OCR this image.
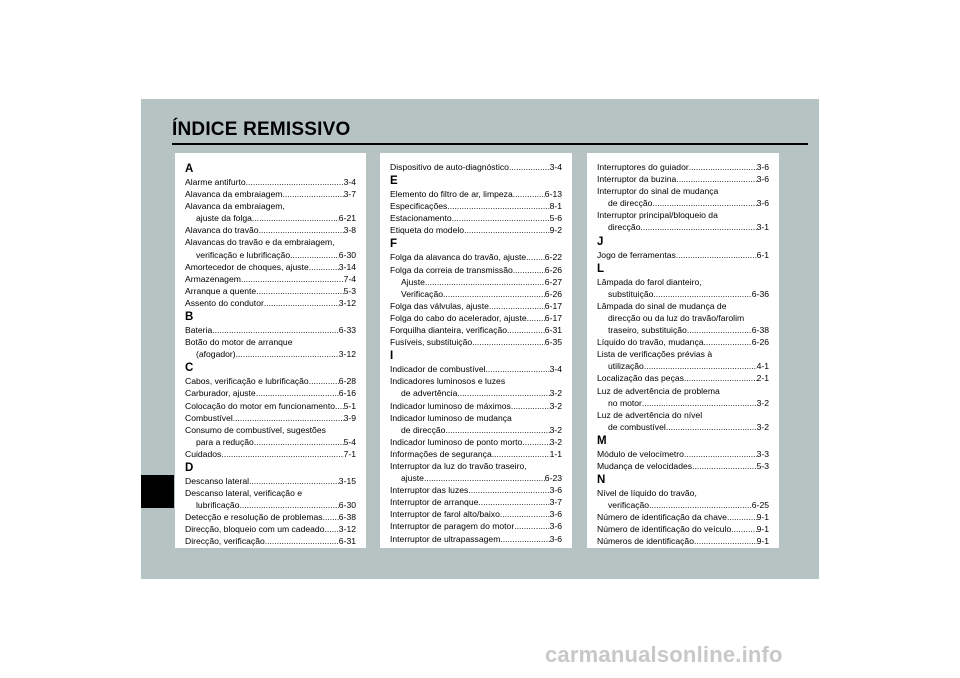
ÍNDICE REMISSIVO
A
Alarme antifurto .....	3-4
Alavanca da embraiagem .....	3-7
Alavanca da embraiagem,
ajuste da folga .....	6-21
Alavanca do travão .....	3-8
Alavancas do travão e da embraiagem,
verificação e lubrificação .....	6-30
Amortecedor de choques, ajuste .....	3-14
Armazenagem .....	7-4
Arranque a quente .....	5-3
Assento do condutor .....	3-12
B
Bateria .....	6-33
Botão do motor de arranque
(afogador) .....	3-12
C
Cabos, verificação e lubrificação .....	6-28
Carburador, ajuste .....	6-16
Colocação do motor em funcionamento ..... 5-1
Combustível .....	3-9
Consumo de combustível, sugestões
para a redução .....	5-4
Cuidados .....	7-1
D
Descanso lateral .....	3-15
Descanso lateral, verificação e
lubrificação .....	6-30
Detecção e resolução de problemas ..... 6-38
Direcção, bloqueio com um cadeado ..... 3-12
Direcção, verificação .....	6-31
Dispositivo de auto-diagnóstico .....	3-4
E
Elemento do filtro de ar, limpeza .....	6-13
Especificações .....	8-1
Estacionamento .....	5-6
Etiqueta do modelo .....	9-2
F
Folga da alavanca do travão, ajuste ..... 6-22
Folga da correia de transmissão .....	6-26
Ajuste .....	6-27
Verificação .....	6-26
Folga das válvulas, ajuste .....	6-17
Folga do cabo do acelerador, ajuste ..... 6-17
Forquilha dianteira, verificação .....	6-31
Fusíveis, substituição .....	6-35
I
Indicador de combustível .....	3-4
Indicadores luminosos e luzes
de advertência .....	3-2
Indicador luminoso de máximos .....	3-2
Indicador luminoso de mudança
de direcção .....	3-2
Indicador luminoso de ponto morto .....	3-2
Informações de segurança .....	1-1
Interruptor da luz do travão traseiro,
ajuste .....	6-23
Interruptor das luzes .....	3-6
Interruptor de arranque .....	3-7
Interruptor de farol alto/baixo .....	3-6
Interruptor de paragem do motor .....	3-6
Interruptor de ultrapassagem .....	3-6
Interruptores do guiador .....	3-6
Interruptor da buzina .....	3-6
Interruptor do sinal de mudança
de direcção .....	3-6
Interruptor principal/bloqueio da
direcção .....	3-1
J
Jogo de ferramentas .....	6-1
L
Lâmpada do farol dianteiro,
substituição .....	6-36
Lâmpada do sinal de mudança de
direcção ou da luz do travão/farolim
traseiro, substituição .....	6-38
Líquido do travão, mudança .....	6-26
Lista de verificações prévias à
utilização .....	4-1
Localização das peças .....	2-1
Luz de advertência de problema
no motor .....	3-2
Luz de advertência do nível
de combustível .....	3-2
M
Módulo de velocímetro .....	3-3
Mudança de velocidades .....	5-3
N
Nível de líquido do travão,
verificação .....	6-25
Número de identificação da chave .....	9-1
Número de identificação do veículo .....	9-1
Números de identificação .....	9-1
carmanualsonline.info
